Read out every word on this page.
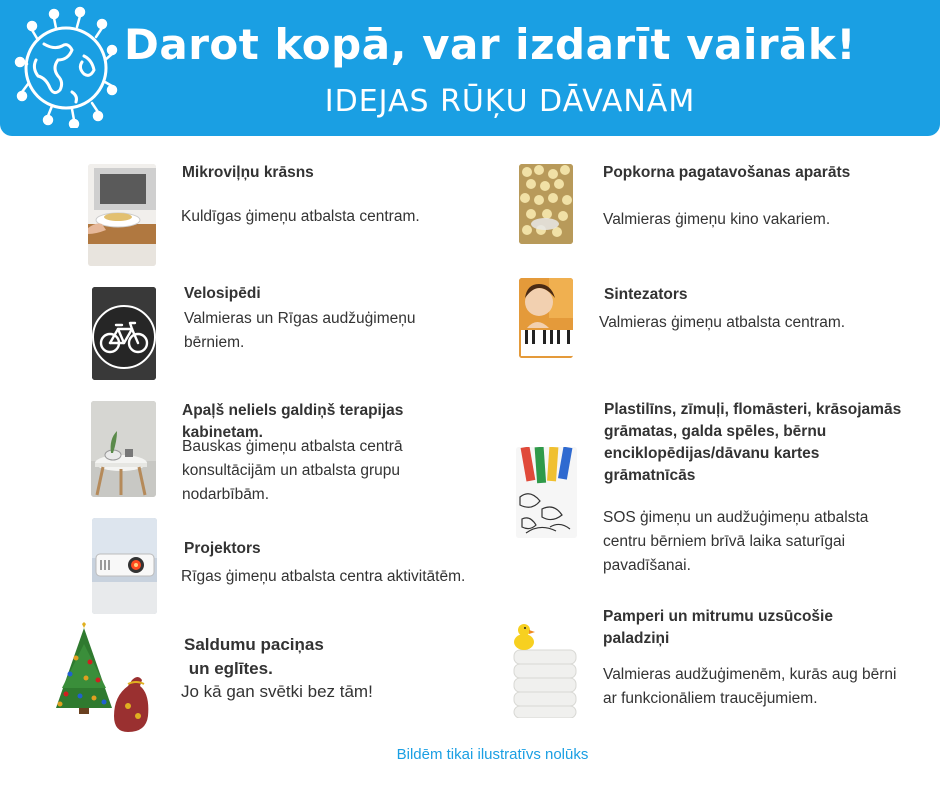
Darot kopā, var izdarīt vairāk!
IDEJAS RŪĶU DĀVANĀM
Mikroviļņu krāsns
Kuldīgas ģimeņu atbalsta centram.
Popkorna pagatavošanas aparāts
Valmieras ģimeņu kino vakariem.
Velosipēdi
Valmieras un Rīgas audžuģimeņu bērniem.
Sintezators
Valmieras ģimeņu atbalsta centram.
Apaļš neliels galdiņš terapijas kabinetam.
Bauskas ģimeņu atbalsta centrā konsultācijām un atbalsta grupu nodarbībām.
Plastilīns, zīmuļi, flomāsteri, krāsojamās grāmatas, galda spēles, bērnu enciklopēdijas/dāvanu kartes grāmatnīcās
SOS ģimeņu un audžuģimeņu atbalsta centru bērniem brīvā laika saturīgai pavadīšanai.
Projektors
Rīgas ģimeņu atbalsta centra aktivitātēm.
Pamperi un mitrumu uzsūcošie paladziņi
Valmieras audžuģimenēm, kurās aug bērni ar funkcionāliem traucējumiem.
Saldumu paciņas
un eglītes.
Jo kā gan svētki bez tām!
Bildēm tikai ilustratīvs nolūks
